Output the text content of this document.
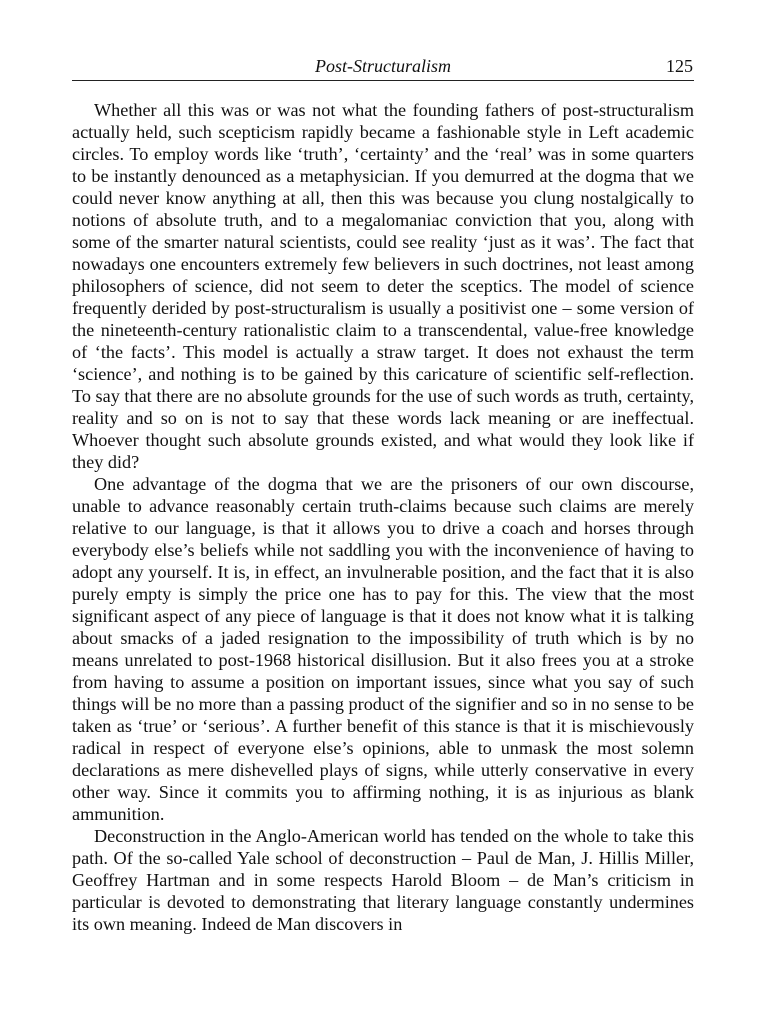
Post-Structuralism	125

Whether all this was or was not what the founding fathers of post-structuralism actually held, such scepticism rapidly became a fashionable style in Left academic circles. To employ words like ‘truth’, ‘certainty’ and the ‘real’ was in some quarters to be instantly denounced as a metaphysician. If you demurred at the dogma that we could never know anything at all, then this was because you clung nostalgically to notions of absolute truth, and to a megalomaniac conviction that you, along with some of the smarter natural scientists, could see reality ‘just as it was’. The fact that nowadays one encounters extremely few believers in such doctrines, not least among philosophers of science, did not seem to deter the sceptics. The model of science frequently derided by post-structuralism is usually a positivist one – some version of the nineteenth-century rationalistic claim to a transcendental, value-free knowledge of ‘the facts’. This model is actually a straw target. It does not exhaust the term ‘science’, and nothing is to be gained by this caricature of scientific self-reflection. To say that there are no absolute grounds for the use of such words as truth, certainty, reality and so on is not to say that these words lack meaning or are ineffectual. Whoever thought such absolute grounds existed, and what would they look like if they did?

One advantage of the dogma that we are the prisoners of our own discourse, unable to advance reasonably certain truth-claims because such claims are merely relative to our language, is that it allows you to drive a coach and horses through everybody else’s beliefs while not saddling you with the inconvenience of having to adopt any yourself. It is, in effect, an invulnerable position, and the fact that it is also purely empty is simply the price one has to pay for this. The view that the most significant aspect of any piece of language is that it does not know what it is talking about smacks of a jaded resignation to the impossibility of truth which is by no means unrelated to post-1968 historical disillusion. But it also frees you at a stroke from having to assume a position on important issues, since what you say of such things will be no more than a passing product of the signifier and so in no sense to be taken as ‘true’ or ‘serious’. A further benefit of this stance is that it is mischievously radical in respect of everyone else’s opinions, able to unmask the most solemn declarations as mere dishevelled plays of signs, while utterly conservative in every other way. Since it commits you to affirming nothing, it is as injurious as blank ammunition.

Deconstruction in the Anglo-American world has tended on the whole to take this path. Of the so-called Yale school of deconstruction – Paul de Man, J. Hillis Miller, Geoffrey Hartman and in some respects Harold Bloom – de Man’s criticism in particular is devoted to demonstrating that literary language constantly undermines its own meaning. Indeed de Man discovers in
